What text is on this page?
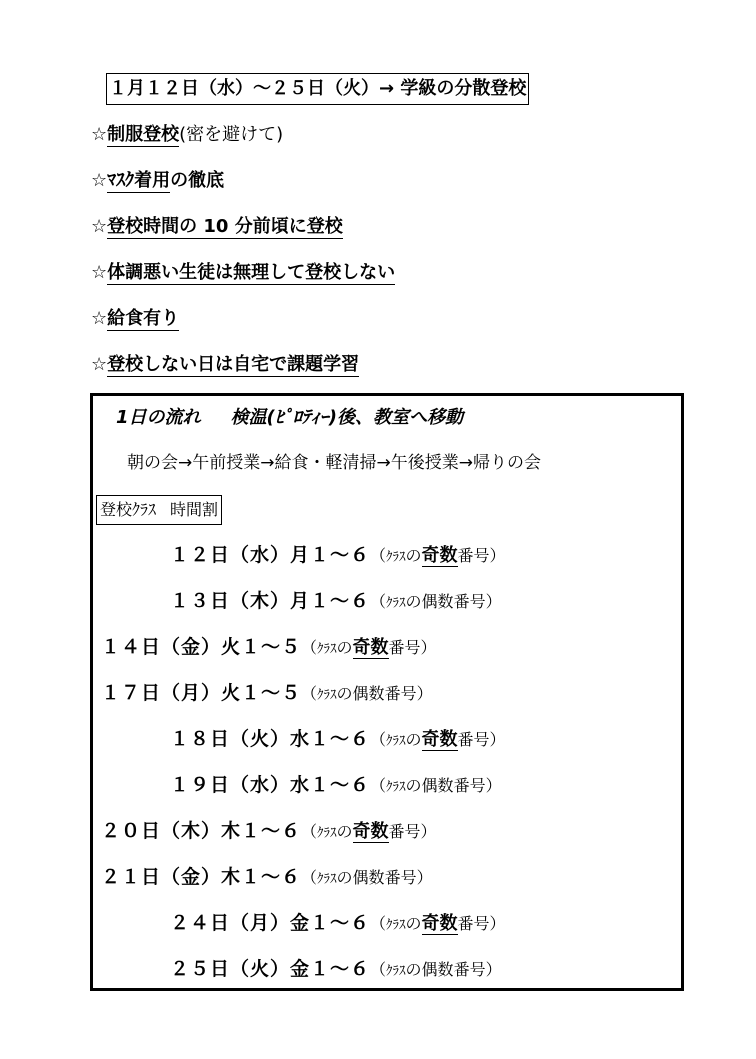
１月１２日（水）～２５日（火）→ 学級の分散登校
☆制服登校(密を避けて)
☆ﾏｽｸ着用の徹底
☆登校時間の 10 分前頃に登校
☆体調悪い生徒は無理して登校しない
☆給食有り
☆登校しない日は自宅で課題学習
1日の流れ 検温(ﾋﾟﾛﾃｨｰ)後、教室へ移動
朝の会→午前授業→給食・軽清掃→午後授業→帰りの会
登校ｸﾗｽ 時間割
１２日（水）月１～６（ｸﾗｽの奇数番号）
１３日（木）月１～６（ｸﾗｽの偶数番号）
１４日（金）火１～５（ｸﾗｽの奇数番号）
１７日（月）火１～５（ｸﾗｽの偶数番号）
１８日（火）水１～６（ｸﾗｽの奇数番号）
１９日（水）水１～６（ｸﾗｽの偶数番号）
２０日（木）木１～６（ｸﾗｽの奇数番号）
２１日（金）木１～６（ｸﾗｽの偶数番号）
２４日（月）金１～６（ｸﾗｽの奇数番号）
２５日（火）金１～６（ｸﾗｽの偶数番号）
